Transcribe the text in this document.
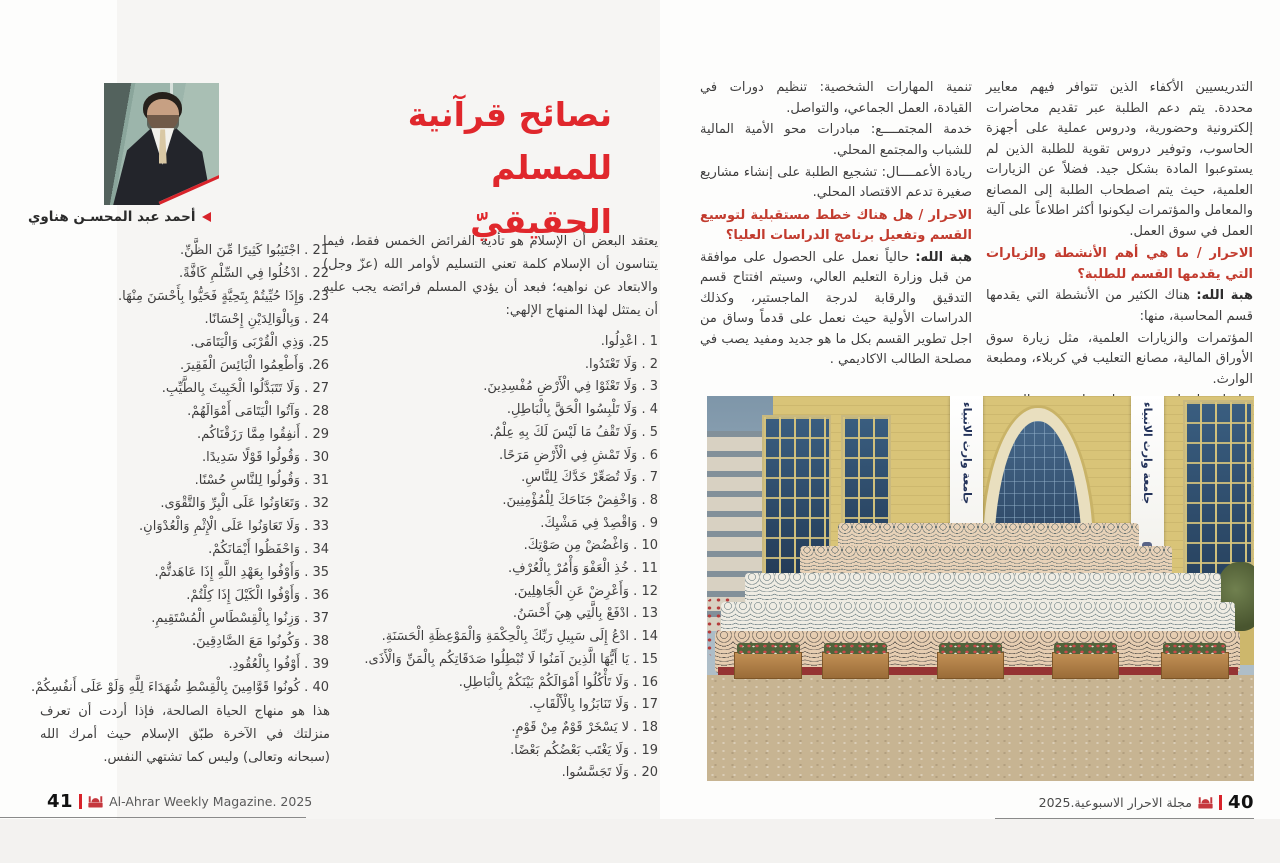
التدريسيين الأكفاء الذين تتوافر فيهم معايير محددة. يتم دعم الطلبة عبر تقديم محاضرات إلكترونية وحضورية، ودروس عملية على أجهزة الحاسوب، وتوفير دروس تقوية للطلبة الذين لم يستوعبوا المادة بشكل جيد. فضلاً عن الزيارات العلمية، حيث يتم اصطحاب الطلبة إلى المصانع والمعامل والمؤتمرات ليكونوا أكثر اطلاعاً على آلية العمل في سوق العمل.

الاحرار / ما هي أهم الأنشطة والزيارات التي يقدمها القسم للطلبة؟

هبة الله: هناك الكثير من الأنشطة التي يقدمها قسم المحاسبة، منها:

المؤتمرات والزيارات العلمية، مثل زيارة سوق الأوراق المالية، مصانع التعليب في كربلاء، ومطبعة الوارث.

تنمية المهارات الشخصية: تنظيم دورات في القيادة، العمل الجماعي، والتواصل.

خدمة المجتمــــع: مبادرات محو الأمية المالية للشباب والمجتمع المحلي.

ريادة الأعمــــال: تشجيع الطلبة على إنشاء مشاريع صغيرة تدعم الاقتصاد المحلي.

الاحرار / هل هناك خطط مستقبلية لتوسيع القسم وتفعيل برنامج الدراسات العليا؟

هبة الله: حالياً نعمل على الحصول على موافقة من قبل وزارة التعليم العالي، وسيتم افتتاح قسم التدقيق والرقابة لدرجة الماجستير، وكذلك الدراسات الأولية حيث نعمل على قدماً وساق من اجل تطوير القسم بكل ما هو جديد ومفيد يصب في مصلحة الطالب الاكاديمي .

جامعة وارث الانبياء	جامعة وارث الانبياء
مجلة الاحرار الاسبوعية.2025 40
نصائح قرآنية
للمسلم الحقيقيّ
أحمد عبد المحسـن هناوي
يعتقد البعض أن الإسلام هو تأدية الفرائض الخمس فقط، فيما يتناسون أن الإسلام كلمة تعني التسليم لأوامر الله (عزّ وجل) والابتعاد عن نواهيه؛ فبعد أن يؤدي المسلم فرائضه يجب عليه أن يمتثل لهذا المنهاج الإلهي:
1 . اعْدِلُوا.
2 . وَلَا تَعْتَدُوا.
3 . وَلَا تَعْثَوْا فِي الْأَرْضِ مُفْسِدِينَ.
4 . وَلَا تَلْبِسُوا الْحَقَّ بِالْبَاطِلِ.
5 . وَلَا تَقْفُ مَا لَيْسَ لَكَ بِهِ عِلْمٌ.
6 . وَلَا تَمْشِ فِي الْأَرْضِ مَرَحًا.
7 . وَلَا تُصَعِّرْ خَدَّكَ لِلنَّاسِ.
8 . وَاخْفِضْ جَنَاحَكَ لِلْمُؤْمِنِينَ.
9 . وَاقْصِدْ فِي مَشْيِكَ.
10 . وَاغْضُضْ مِن صَوْتِكَ.
11 . خُذِ الْعَفْوَ وَأْمُرْ بِالْعُرْفِ.
12 . وَأَعْرِضْ عَنِ الْجَاهِلِينَ.
13 . ادْفَعْ بِالَّتِي هِيَ أَحْسَنُ.
14 . ادْعُ إِلَى سَبِيلِ رَبِّكَ بِالْحِكْمَةِ وَالْمَوْعِظَةِ الْحَسَنَةِ.
15 . يَا أَيُّهَا الَّذِينَ آمَنُوا لَا تُبْطِلُوا صَدَقَاتِكُم بِالْمَنِّ وَالْأَذَى.
16 . وَلَا تَأْكُلُوا أَمْوَالَكُمْ بَيْنَكُمْ بِالْبَاطِلِ.
17 . وَلَا تَنَابَزُوا بِالْأَلْقَابِ.
18 . لا يَسْخَرْ قَوْمٌ مِنْ قَوْمٍ.
19 . وَلَا يَغْتَب بَعْضُكُم بَعْضًا.
20 . وَلَا تَجَسَّسُوا.
21 . اجْتَنِبُوا كَثِيرًا مِّنَ الظَّنِّ.
22 . ادْخُلُوا فِي السِّلْمِ كَافَّةً.
23. وَإِذَا حُيِّيتُمْ بِتَحِيَّةٍ فَحَيُّوا بِأَحْسَنَ مِنْهَا.
24 . وَبِالْوَالِدَيْنِ إِحْسَانًا.
25. وَذِي الْقُرْبَى وَالْيَتَامَى.
26. وَأَطْعِمُوا الْبَائِسَ الْفَقِيرَ.
27 . وَلَا تَتَبَدَّلُوا الْخَبِيثَ بِالطَّيِّبِ.
28 . وَآتُوا الْيَتَامَى أَمْوَالَهُمْ.
29 . أَنفِقُوا مِمَّا رَزَقْنَاكُم.
30 . وَقُولُوا قَوْلًا سَدِيدًا.
31 . وَقُولُوا لِلنَّاسِ حُسْنًا.
32 . وَتَعَاوَنُوا عَلَى الْبِرِّ وَالتَّقْوَى.
33 . وَلَا تَعَاوَنُوا عَلَى الْإِثْمِ وَالْعُدْوَانِ.
34 . وَاحْفَظُوا أَيْمَانَكُمْ.
35 . وَأَوْفُوا بِعَهْدِ اللَّهِ إِذَا عَاهَدتُّمْ.
36 . وَأَوْفُوا الْكَيْلَ إِذَا كِلْتُمْ.
37 . وَزِنُوا بِالْقِسْطَاسِ الْمُسْتَقِيمِ.
38 . وَكُونُوا مَعَ الصَّادِقِينَ.
39 . أَوْفُوا بِالْعُقُودِ.
40 . كُونُوا قَوَّامِينَ بِالْقِسْطِ شُهَدَاءَ لِلَّهِ وَلَوْ عَلَى أَنفُسِكُمْ.
هذا هو منهاج الحياة الصالحة، فإذا أردت أن تعرف منزلتك في الآخرة طبّق الإسلام حيث أمرك الله (سبحانه وتعالى) وليس كما تشتهي النفس.
41	Al-Ahrar Weekly Magazine. 2025
